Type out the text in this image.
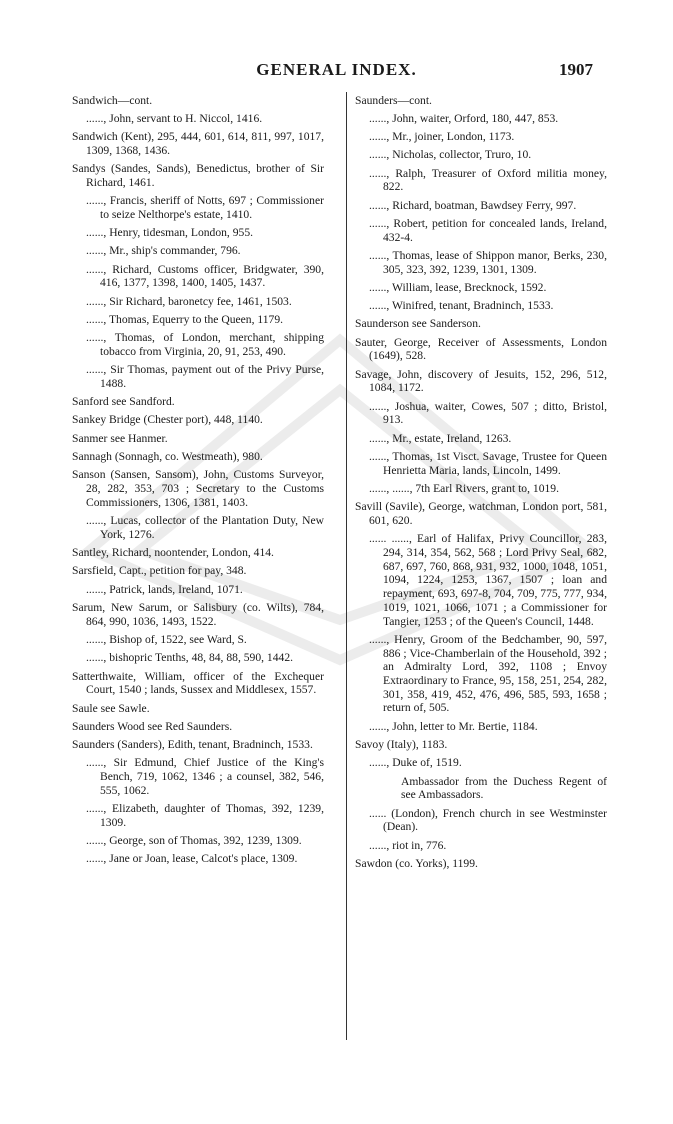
GENERAL INDEX.	1907

Sandwich—cont.

......, John, servant to H. Niccol, 1416.

Sandwich (Kent), 295, 444, 601, 614, 811, 997, 1017, 1309, 1368, 1436.

Sandys (Sandes, Sands), Benedictus, brother of Sir Richard, 1461.

......, Francis, sheriff of Notts, 697 ; Commissioner to seize Nelthorpe's estate, 1410.

......, Henry, tidesman, London, 955.

......, Mr., ship's commander, 796.

......, Richard, Customs officer, Bridgwater, 390, 416, 1377, 1398, 1400, 1405, 1437.

......, Sir Richard, baronetcy fee, 1461, 1503.

......, Thomas, Equerry to the Queen, 1179.

......, Thomas, of London, merchant, shipping tobacco from Virginia, 20, 91, 253, 490.

......, Sir Thomas, payment out of the Privy Purse, 1488.

Sanford see Sandford.

Sankey Bridge (Chester port), 448, 1140.

Sanmer see Hanmer.

Sannagh (Sonnagh, co. Westmeath), 980.

Sanson (Sansen, Sansom), John, Customs Surveyor, 28, 282, 353, 703 ; Secretary to the Customs Commissioners, 1306, 1381, 1403.

......, Lucas, collector of the Plantation Duty, New York, 1276.

Santley, Richard, noontender, London, 414.

Sarsfield, Capt., petition for pay, 348.

......, Patrick, lands, Ireland, 1071.

Sarum, New Sarum, or Salisbury (co. Wilts), 784, 864, 990, 1036, 1493, 1522.

......, Bishop of, 1522, see Ward, S.

......, bishopric Tenths, 48, 84, 88, 590, 1442.

Satterthwaite, William, officer of the Exchequer Court, 1540 ; lands, Sussex and Middlesex, 1557.

Saule see Sawle.

Saunders Wood see Red Saunders.

Saunders (Sanders), Edith, tenant, Bradninch, 1533.

......, Sir Edmund, Chief Justice of the King's Bench, 719, 1062, 1346 ; a counsel, 382, 546, 555, 1062.

......, Elizabeth, daughter of Thomas, 392, 1239, 1309.

......, George, son of Thomas, 392, 1239, 1309.

......, Jane or Joan, lease, Calcot's place, 1309.

Saunders—cont.

......, John, waiter, Orford, 180, 447, 853.

......, Mr., joiner, London, 1173.

......, Nicholas, collector, Truro, 10.

......, Ralph, Treasurer of Oxford militia money, 822.

......, Richard, boatman, Bawdsey Ferry, 997.

......, Robert, petition for concealed lands, Ireland, 432-4.

......, Thomas, lease of Shippon manor, Berks, 230, 305, 323, 392, 1239, 1301, 1309.

......, William, lease, Brecknock, 1592.

......, Winifred, tenant, Bradninch, 1533.

Saunderson see Sanderson.

Sauter, George, Receiver of Assessments, London (1649), 528.

Savage, John, discovery of Jesuits, 152, 296, 512, 1084, 1172.

......, Joshua, waiter, Cowes, 507 ; ditto, Bristol, 913.

......, Mr., estate, Ireland, 1263.

......, Thomas, 1st Visct. Savage, Trustee for Queen Henrietta Maria, lands, Lincoln, 1499.

......, ......, 7th Earl Rivers, grant to, 1019.

Savill (Savile), George, watchman, London port, 581, 601, 620.

...... ......, Earl of Halifax, Privy Councillor, 283, 294, 314, 354, 562, 568 ; Lord Privy Seal, 682, 687, 697, 760, 868, 931, 932, 1000, 1048, 1051, 1094, 1224, 1253, 1367, 1507 ; loan and repayment, 693, 697-8, 704, 709, 775, 777, 934, 1019, 1021, 1066, 1071 ; a Commissioner for Tangier, 1253 ; of the Queen's Council, 1448.

......, Henry, Groom of the Bedchamber, 90, 597, 886 ; Vice-Chamberlain of the Household, 392 ; an Admiralty Lord, 392, 1108 ; Envoy Extraordinary to France, 95, 158, 251, 254, 282, 301, 358, 419, 452, 476, 496, 585, 593, 1658 ; return of, 505.

......, John, letter to Mr. Bertie, 1184.

Savoy (Italy), 1183.

......, Duke of, 1519.

Ambassador from the Duchess Regent of see Ambassadors.

...... (London), French church in see Westminster (Dean).

......, riot in, 776.

Sawdon (co. Yorks), 1199.
